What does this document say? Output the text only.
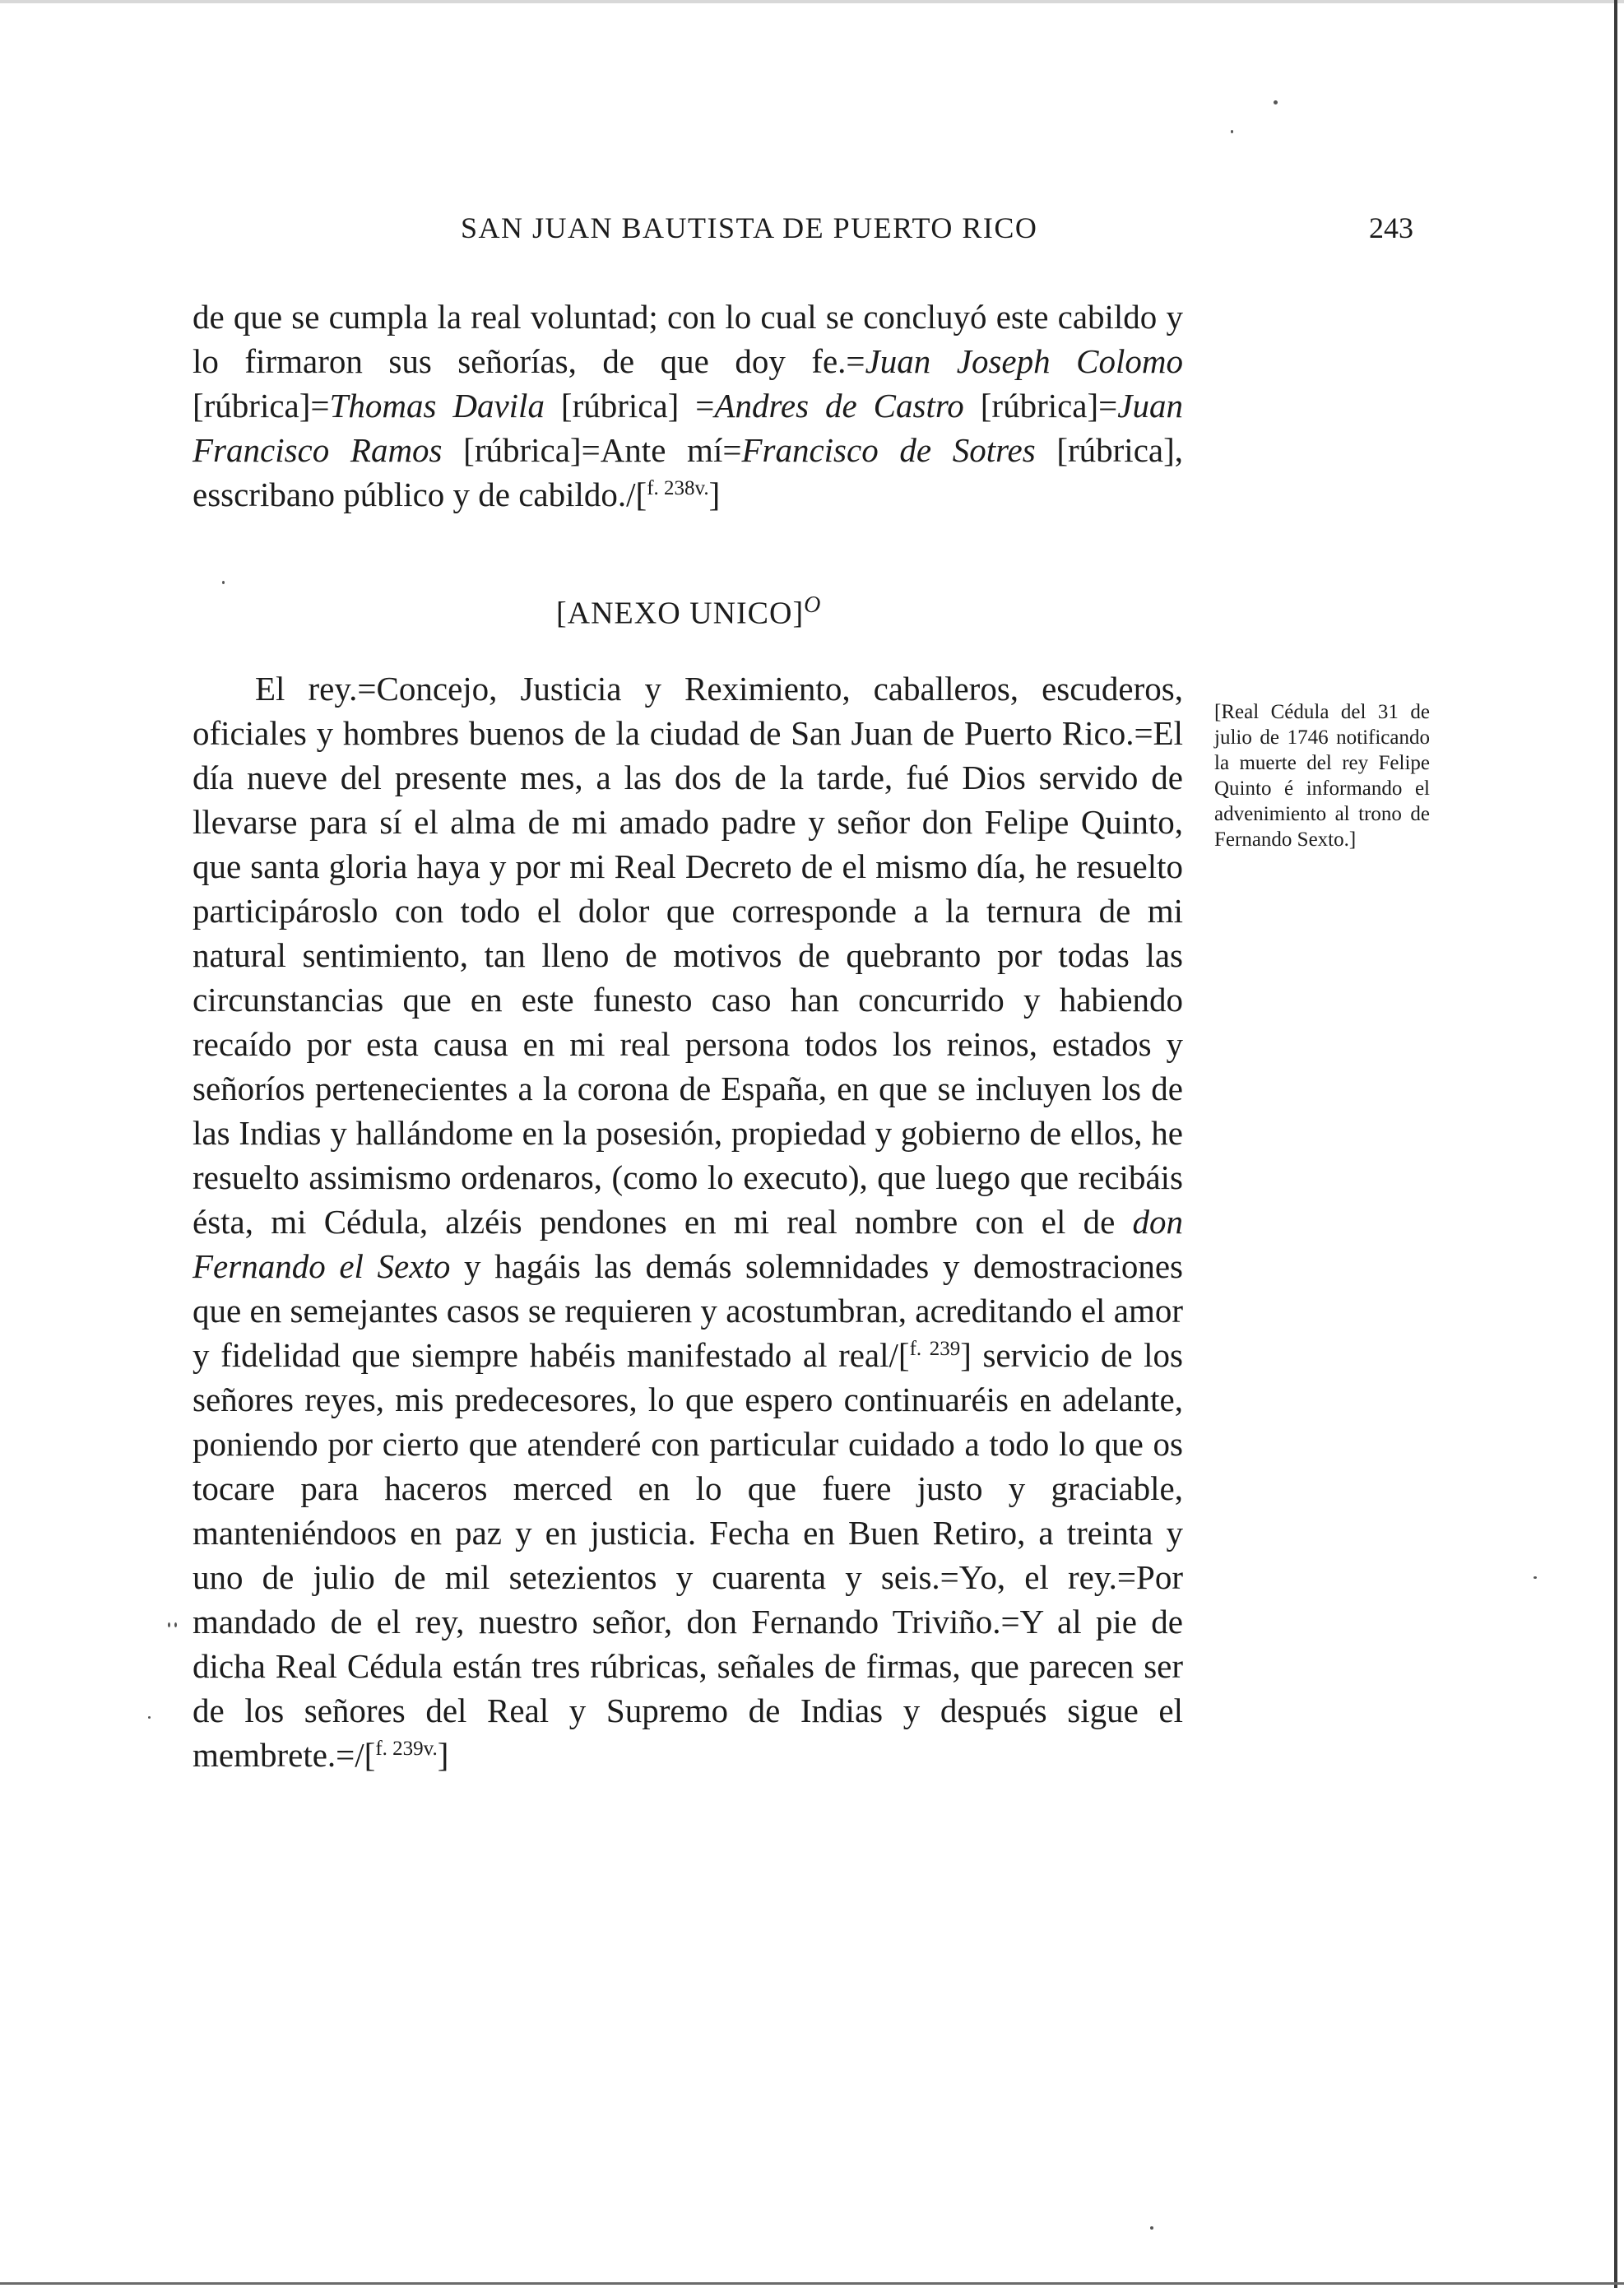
SAN JUAN BAUTISTA DE PUERTO RICO	243

de que se cumpla la real voluntad; con lo cual se concluyó este cabildo y lo firmaron sus señorías, de que doy fe.=Juan Joseph Colomo [rúbrica]=Thomas Davila [rúbrica] =Andres de Castro [rúbrica]=Juan Francisco Ramos [rúbrica]=Ante mí=Francisco de Sotres [rúbrica], esscribano público y de cabildo./[$^{f. 238v.}$]

[ANEXO UNICO]$^O$

El rey.=Concejo, Justicia y Reximiento, caballeros, escuderos, oficiales y hombres buenos de la ciudad de San Juan de Puerto Rico.=El día nueve del presente mes, a las dos de la tarde, fué Dios servido de llevarse para sí el alma de mi amado padre y señor don Felipe Quinto, que santa gloria haya y por mi Real Decreto de el mismo día, he resuelto participároslo con todo el dolor que corresponde a la ternura de mi natural sentimiento, tan lleno de motivos de quebranto por todas las circunstancias que en este funesto caso han concurrido y habiendo recaído por esta causa en mi real persona todos los reinos, estados y señoríos pertenecientes a la corona de España, en que se incluyen los de las Indias y hallándome en la posesión, propiedad y gobierno de ellos, he resuelto assimismo ordenaros, (como lo executo), que luego que recibáis ésta, mi Cédula, alzéis pendones en mi real nombre con el de don Fernando el Sexto y hagáis las demás solemnidades y demostraciones que en semejantes casos se requieren y acostumbran, acreditando el amor y fidelidad que siempre habéis manifestado al real/[$^{f. 239}$] servicio de los señores reyes, mis predecesores, lo que espero continuaréis en adelante, poniendo por cierto que atenderé con particular cuidado a todo lo que os tocare para haceros merced en lo que fuere justo y graciable, manteniéndoos en paz y en justicia. Fecha en Buen Retiro, a treinta y uno de julio de mil setezientos y cuarenta y seis.=Yo, el rey.=Por mandado de el rey, nuestro señor, don Fernando Triviño.=Y al pie de dicha Real Cédula están tres rúbricas, señales de firmas, que parecen ser de los señores del Real y Supremo de Indias y después sigue el membrete.=/[$^{f. 239v.}$]

[Real Cédula del 31 de julio de 1746 notificando la muerte del rey Felipe Quinto é informando el advenimiento al trono de Fernando Sexto.]
